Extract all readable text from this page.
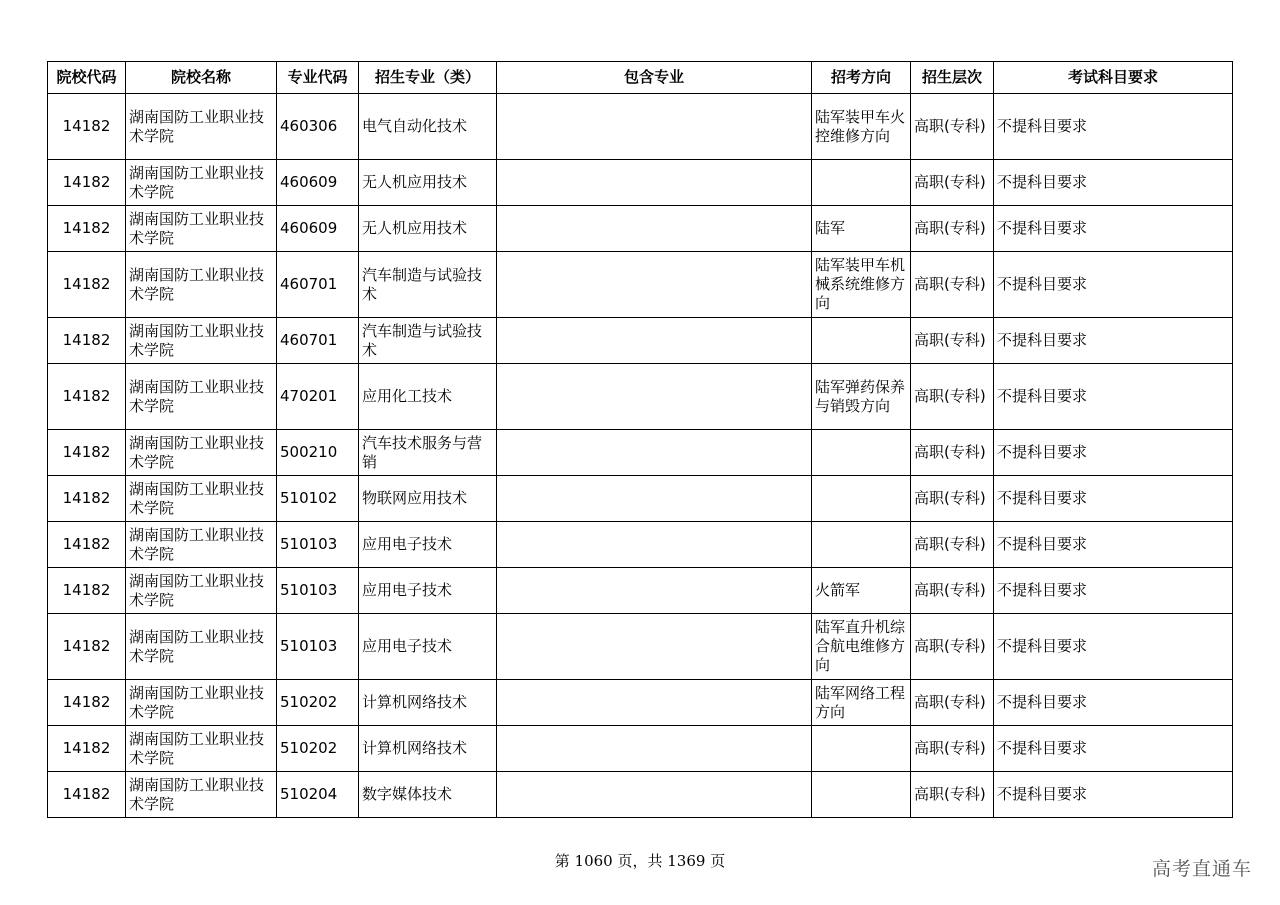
院校代码	院校名称	专业代码	招生专业（类）	包含专业	招考方向	招生层次	考试科目要求
14182	湖南国防工业职业技术学院	460306	电气自动化技术		陆军装甲车火控维修方向	高职(专科)	不提科目要求
14182	湖南国防工业职业技术学院	460609	无人机应用技术			高职(专科)	不提科目要求
14182	湖南国防工业职业技术学院	460609	无人机应用技术		陆军	高职(专科)	不提科目要求
14182	湖南国防工业职业技术学院	460701	汽车制造与试验技术		陆军装甲车机械系统维修方向	高职(专科)	不提科目要求
14182	湖南国防工业职业技术学院	460701	汽车制造与试验技术			高职(专科)	不提科目要求
14182	湖南国防工业职业技术学院	470201	应用化工技术		陆军弹药保养与销毁方向	高职(专科)	不提科目要求
14182	湖南国防工业职业技术学院	500210	汽车技术服务与营销			高职(专科)	不提科目要求
14182	湖南国防工业职业技术学院	510102	物联网应用技术			高职(专科)	不提科目要求
14182	湖南国防工业职业技术学院	510103	应用电子技术			高职(专科)	不提科目要求
14182	湖南国防工业职业技术学院	510103	应用电子技术		火箭军	高职(专科)	不提科目要求
14182	湖南国防工业职业技术学院	510103	应用电子技术		陆军直升机综合航电维修方向	高职(专科)	不提科目要求
14182	湖南国防工业职业技术学院	510202	计算机网络技术		陆军网络工程方向	高职(专科)	不提科目要求
14182	湖南国防工业职业技术学院	510202	计算机网络技术			高职(专科)	不提科目要求
14182	湖南国防工业职业技术学院	510204	数字媒体技术			高职(专科)	不提科目要求
第 1060 页，共 1369 页	高考直通车
